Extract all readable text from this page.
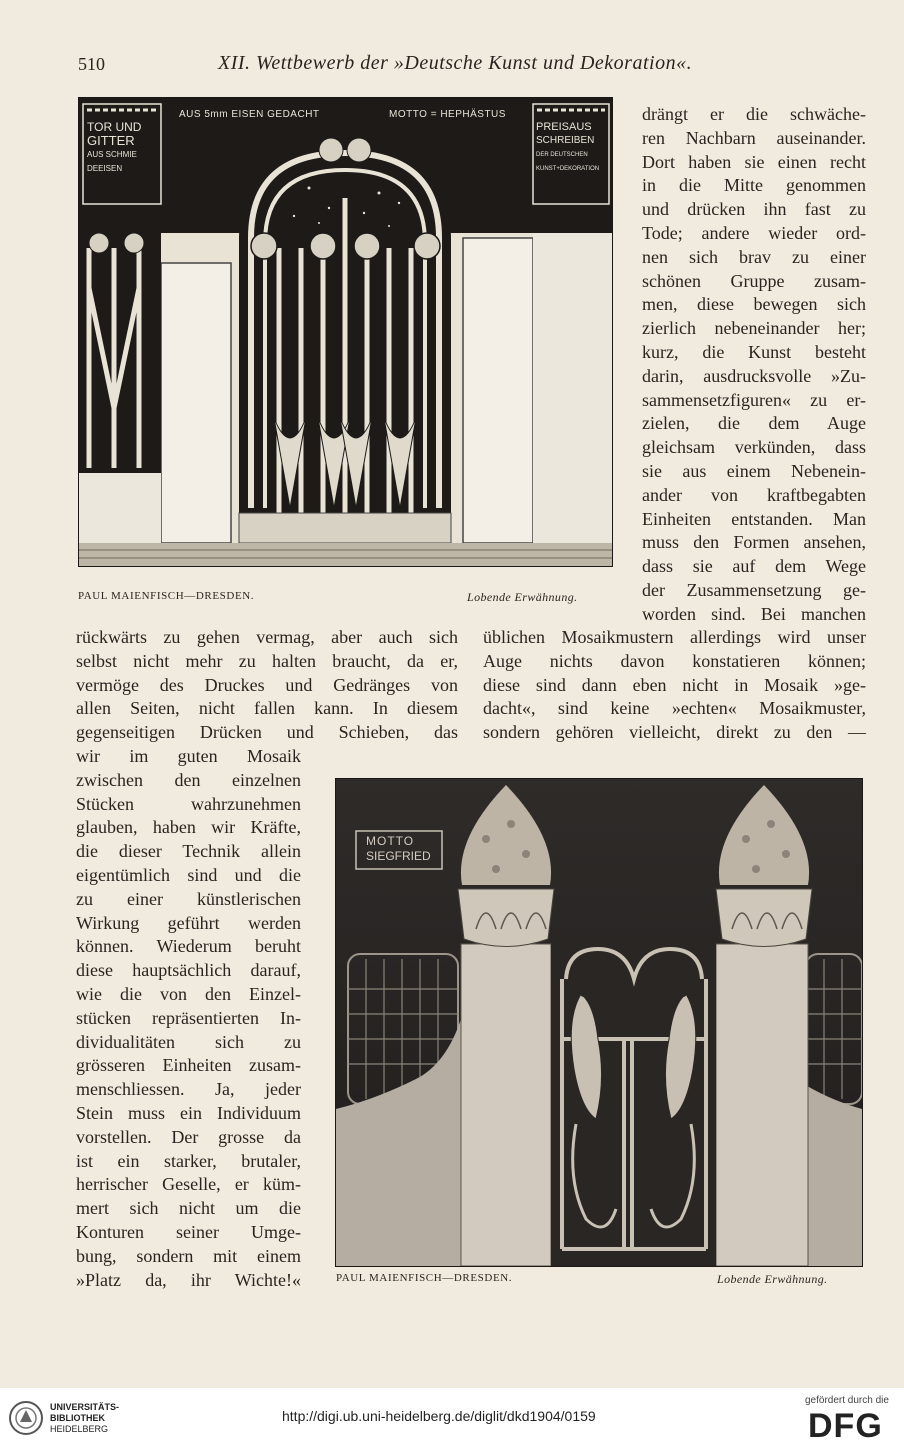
510	XII. Wettbewerb der »Deutsche Kunst und Dekoration«.
AUS 5mm EISEN GEDACHT	MOTTO = HEPHÄSTUS
TOR UND
GITTER
AUS SCHMIE
DEEISEN
PREISAUS
SCHREIBEN
DER DEUTSCHEN
KUNST+DEKORATION
PAUL MAIENFISCH—DRESDEN.	Lobende Erwähnung.
drängt er die schwäche-
ren Nachbarn auseinander.
Dort haben sie einen recht
in die Mitte genommen
und drücken ihn fast zu
Tode; andere wieder ord-
nen sich brav zu einer
schönen Gruppe zusam-
men, diese bewegen sich
zierlich nebeneinander her;
kurz, die Kunst besteht
darin, ausdrucksvolle »Zu-
sammensetzfiguren« zu er-
zielen, die dem Auge
gleichsam verkünden, dass
sie aus einem Nebenein-
ander von kraftbegabten
Einheiten entstanden. Man
muss den Formen ansehen,
dass sie auf dem Wege
der Zusammensetzung ge-
worden sind. Bei manchen
rückwärts zu gehen vermag, aber auch sich
selbst nicht mehr zu halten braucht, da er,
vermöge des Druckes und Gedränges von
allen Seiten, nicht fallen kann. In diesem
gegenseitigen Drücken und Schieben, das
üblichen Mosaikmustern allerdings wird unser
Auge nichts davon konstatieren können;
diese sind dann eben nicht in Mosaik »ge-
dacht«, sind keine »echten« Mosaikmuster,
sondern gehören vielleicht, direkt zu den —
wir im guten Mosaik
zwischen den einzelnen
Stücken wahrzunehmen
glauben, haben wir Kräfte,
die dieser Technik allein
eigentümlich sind und die
zu einer künstlerischen
Wirkung geführt werden
können. Wiederum beruht
diese hauptsächlich darauf,
wie die von den Einzel-
stücken repräsentierten In-
dividualitäten sich zu
grösseren Einheiten zusam-
menschliessen. Ja, jeder
Stein muss ein Individuum
vorstellen. Der grosse da
ist ein starker, brutaler,
herrischer Geselle, er küm-
mert sich nicht um die
Konturen seiner Umge-
bung, sondern mit einem
»Platz da, ihr Wichte!«
MOTTO
SIEGFRIED
PAUL MAIENFISCH—DRESDEN.	Lobende Erwähnung.
UNIVERSITÄTS-
BIBLIOTHEK
HEIDELBERG
http://digi.ub.uni-heidelberg.de/diglit/dkd1904/0159
gefördert durch die
DFG
